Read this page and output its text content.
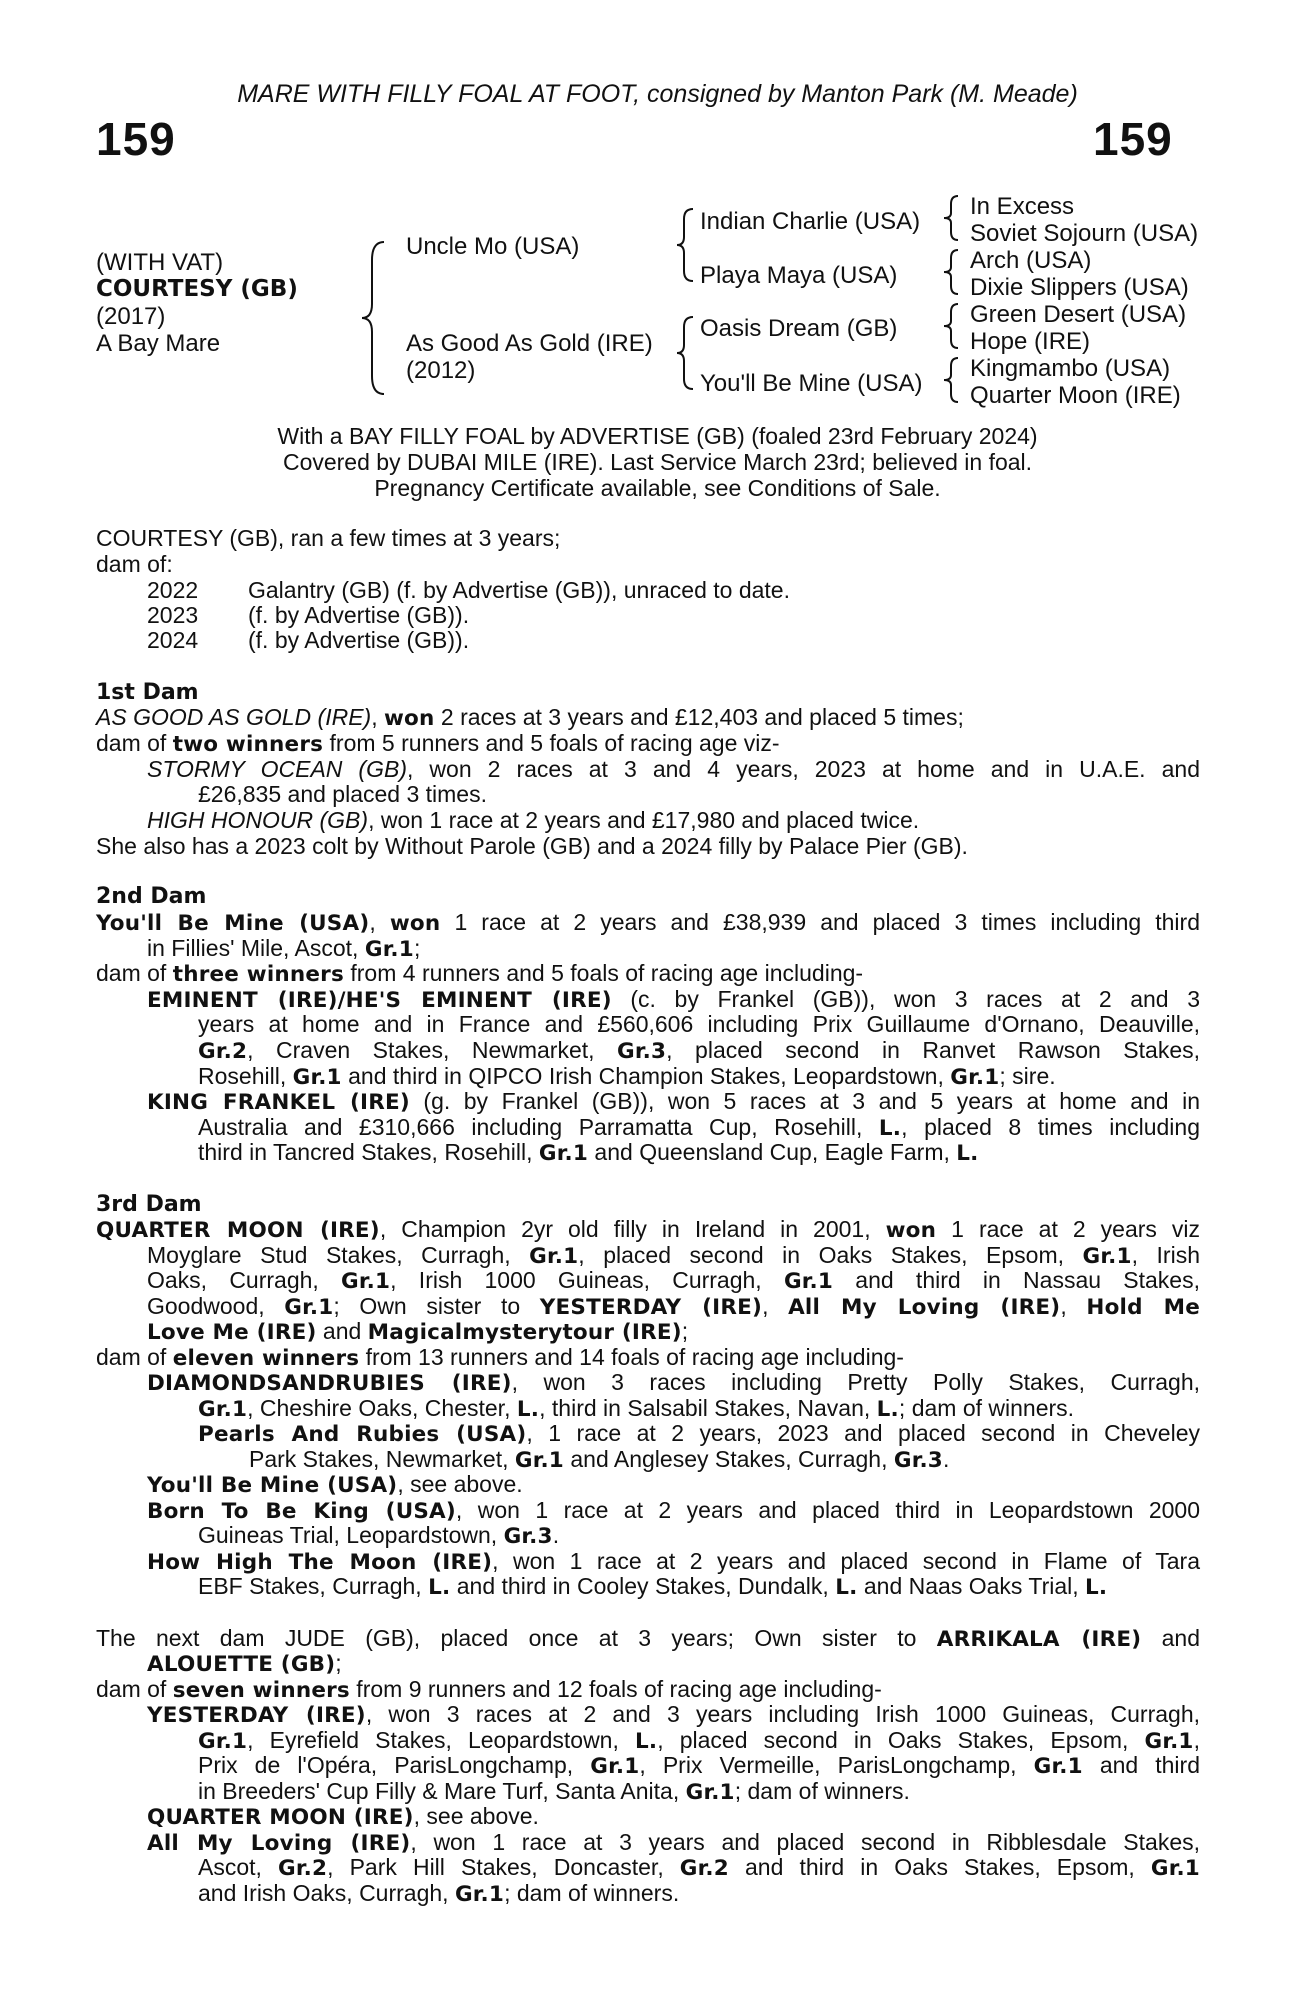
MARE WITH FILLY FOAL AT FOOT, consigned by Manton Park (M. Meade)
159	159
(WITH VAT)
COURTESY (GB)
(2017)
A Bay Mare
Uncle Mo (USA)
As Good As Gold (IRE)
(2012)
Indian Charlie (USA)
Playa Maya (USA)
Oasis Dream (GB)
You'll Be Mine (USA)
In Excess
Soviet Sojourn (USA)
Arch (USA)
Dixie Slippers (USA)
Green Desert (USA)
Hope (IRE)
Kingmambo (USA)
Quarter Moon (IRE)
With a BAY FILLY FOAL by ADVERTISE (GB) (foaled 23rd February 2024)
Covered by DUBAI MILE (IRE). Last Service March 23rd; believed in foal.
Pregnancy Certificate available, see Conditions of Sale.
COURTESY (GB), ran a few times at 3 years;
dam of:
2022 Galantry (GB) (f. by Advertise (GB)), unraced to date.
2023 (f. by Advertise (GB)).
2024 (f. by Advertise (GB)).
1st Dam
AS GOOD AS GOLD (IRE), won 2 races at 3 years and £12,403 and placed 5 times;
dam of two winners from 5 runners and 5 foals of racing age viz-
STORMY OCEAN (GB), won 2 races at 3 and 4 years, 2023 at home and in U.A.E. and
£26,835 and placed 3 times.
HIGH HONOUR (GB), won 1 race at 2 years and £17,980 and placed twice.
She also has a 2023 colt by Without Parole (GB) and a 2024 filly by Palace Pier (GB).
2nd Dam
You'll Be Mine (USA), won 1 race at 2 years and £38,939 and placed 3 times including third
in Fillies' Mile, Ascot, Gr.1;
dam of three winners from 4 runners and 5 foals of racing age including-
EMINENT (IRE)/HE'S EMINENT (IRE) (c. by Frankel (GB)), won 3 races at 2 and 3
years at home and in France and £560,606 including Prix Guillaume d'Ornano, Deauville,
Gr.2, Craven Stakes, Newmarket, Gr.3, placed second in Ranvet Rawson Stakes,
Rosehill, Gr.1 and third in QIPCO Irish Champion Stakes, Leopardstown, Gr.1; sire.
KING FRANKEL (IRE) (g. by Frankel (GB)), won 5 races at 3 and 5 years at home and in
Australia and £310,666 including Parramatta Cup, Rosehill, L., placed 8 times including
third in Tancred Stakes, Rosehill, Gr.1 and Queensland Cup, Eagle Farm, L.
3rd Dam
QUARTER MOON (IRE), Champion 2yr old filly in Ireland in 2001, won 1 race at 2 years viz
Moyglare Stud Stakes, Curragh, Gr.1, placed second in Oaks Stakes, Epsom, Gr.1, Irish
Oaks, Curragh, Gr.1, Irish 1000 Guineas, Curragh, Gr.1 and third in Nassau Stakes,
Goodwood, Gr.1; Own sister to YESTERDAY (IRE), All My Loving (IRE), Hold Me
Love Me (IRE) and Magicalmysterytour (IRE);
dam of eleven winners from 13 runners and 14 foals of racing age including-
DIAMONDSANDRUBIES (IRE), won 3 races including Pretty Polly Stakes, Curragh,
Gr.1, Cheshire Oaks, Chester, L., third in Salsabil Stakes, Navan, L.; dam of winners.
Pearls And Rubies (USA), 1 race at 2 years, 2023 and placed second in Cheveley
Park Stakes, Newmarket, Gr.1 and Anglesey Stakes, Curragh, Gr.3.
You'll Be Mine (USA), see above.
Born To Be King (USA), won 1 race at 2 years and placed third in Leopardstown 2000
Guineas Trial, Leopardstown, Gr.3.
How High The Moon (IRE), won 1 race at 2 years and placed second in Flame of Tara
EBF Stakes, Curragh, L. and third in Cooley Stakes, Dundalk, L. and Naas Oaks Trial, L.
The next dam JUDE (GB), placed once at 3 years; Own sister to ARRIKALA (IRE) and
ALOUETTE (GB);
dam of seven winners from 9 runners and 12 foals of racing age including-
YESTERDAY (IRE), won 3 races at 2 and 3 years including Irish 1000 Guineas, Curragh,
Gr.1, Eyrefield Stakes, Leopardstown, L., placed second in Oaks Stakes, Epsom, Gr.1,
Prix de l'Opéra, ParisLongchamp, Gr.1, Prix Vermeille, ParisLongchamp, Gr.1 and third
in Breeders' Cup Filly & Mare Turf, Santa Anita, Gr.1; dam of winners.
QUARTER MOON (IRE), see above.
All My Loving (IRE), won 1 race at 3 years and placed second in Ribblesdale Stakes,
Ascot, Gr.2, Park Hill Stakes, Doncaster, Gr.2 and third in Oaks Stakes, Epsom, Gr.1
and Irish Oaks, Curragh, Gr.1; dam of winners.
